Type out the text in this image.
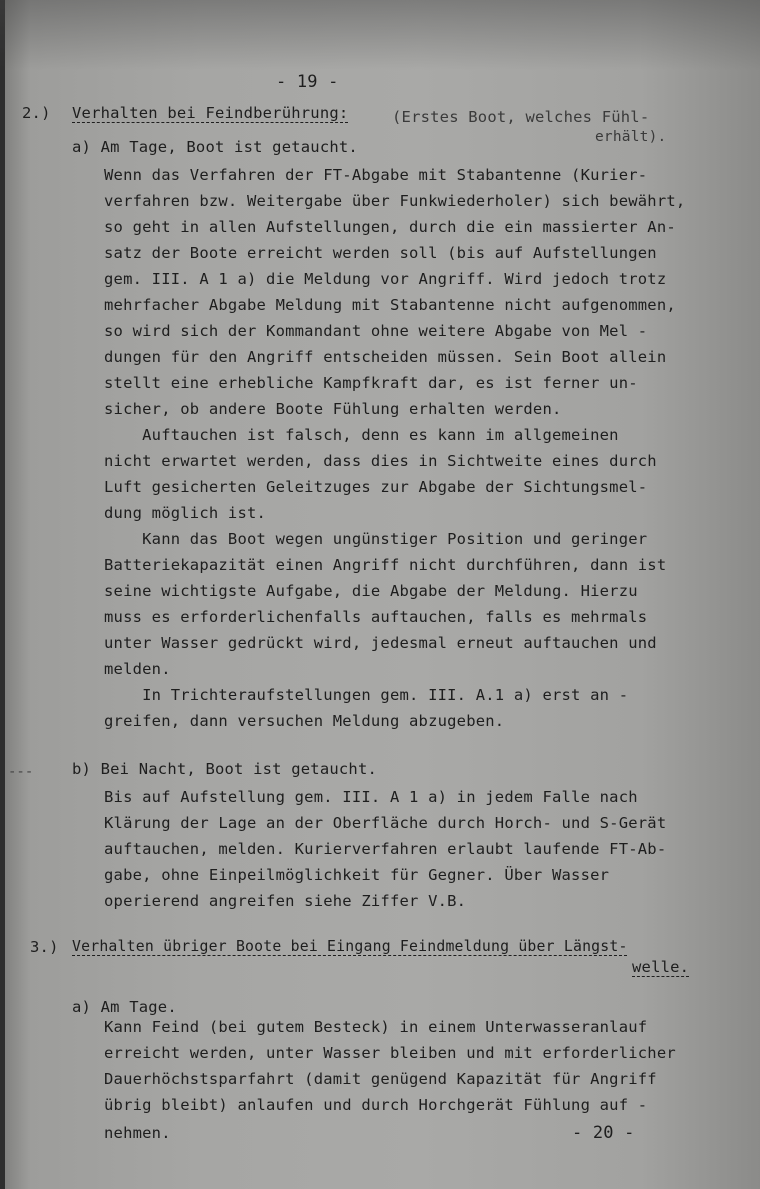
- 19 -
2.) Verhalten bei Feindberührung:	(Erstes Boot, welches Fühl-
erhält).
a) Am Tage, Boot ist getaucht.
Wenn das Verfahren der FT-Abgabe mit Stabantenne (Kurier-
verfahren bzw. Weitergabe über Funkwiederholer) sich bewährt,
so geht in allen Aufstellungen, durch die ein massierter An-
satz der Boote erreicht werden soll (bis auf Aufstellungen
gem. III. A 1 a) die Meldung vor Angriff. Wird jedoch trotz
mehrfacher Abgabe Meldung mit Stabantenne nicht aufgenommen,
so wird sich der Kommandant ohne weitere Abgabe von Mel -
dungen für den Angriff entscheiden müssen. Sein Boot allein
stellt eine erhebliche Kampfkraft dar, es ist ferner un-
sicher, ob andere Boote Fühlung erhalten werden.
Auftauchen ist falsch, denn es kann im allgemeinen
nicht erwartet werden, dass dies in Sichtweite eines durch
Luft gesicherten Geleitzuges zur Abgabe der Sichtungsmel-
dung möglich ist.
Kann das Boot wegen ungünstiger Position und geringer
Batteriekapazität einen Angriff nicht durchführen, dann ist
seine wichtigste Aufgabe, die Abgabe der Meldung. Hierzu
muss es erforderlichenfalls auftauchen, falls es mehrmals
unter Wasser gedrückt wird, jedesmal erneut auftauchen und
melden.
In Trichteraufstellungen gem. III. A.1 a) erst an -
greifen, dann versuchen Meldung abzugeben.
--- b) Bei Nacht, Boot ist getaucht.
Bis auf Aufstellung gem. III. A 1 a) in jedem Falle nach
Klärung der Lage an der Oberfläche durch Horch- und S-Gerät
auftauchen, melden. Kurierverfahren erlaubt laufende FT-Ab-
gabe, ohne Einpeilmöglichkeit für Gegner. Über Wasser
operierend angreifen siehe Ziffer V.B.
3.) Verhalten übriger Boote bei Eingang Feindmeldung über Längst-
welle.
a) Am Tage.
Kann Feind (bei gutem Besteck) in einem Unterwasseranlauf
erreicht werden, unter Wasser bleiben und mit erforderlicher
Dauerhöchstsparfahrt (damit genügend Kapazität für Angriff
übrig bleibt) anlaufen und durch Horchgerät Fühlung auf -
nehmen.	- 20 -
